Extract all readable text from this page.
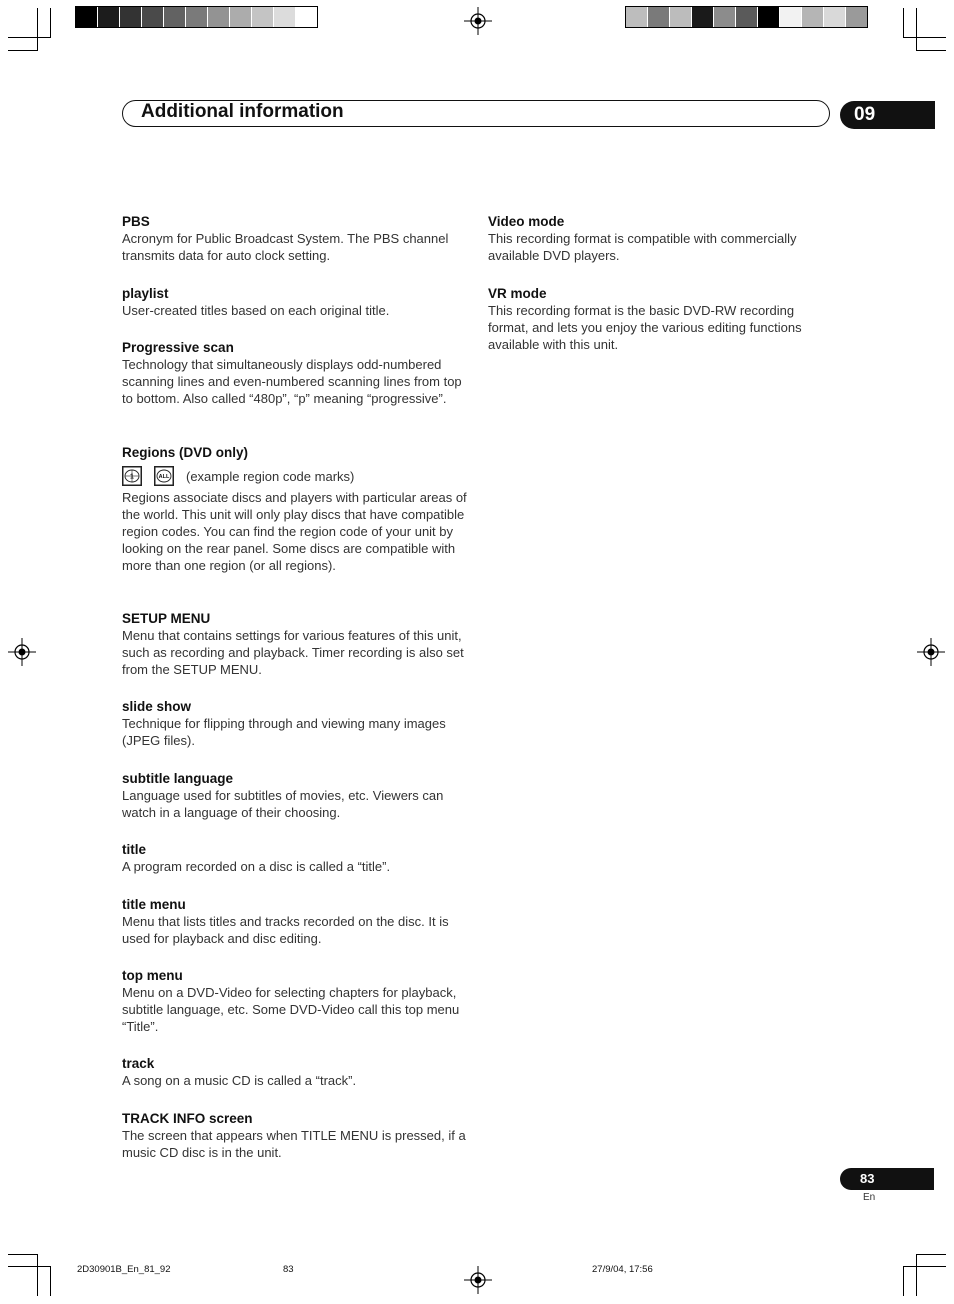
Additional information	09
PBS
Acronym for Public Broadcast System. The PBS channel transmits data for auto clock setting.
playlist
User-created titles based on each original title.
Progressive scan
Technology that simultaneously displays odd-numbered scanning lines and even-numbered scanning lines from top to bottom. Also called “480p”, “p” meaning “progressive”.
Regions (DVD only)
1	ALL (example region code marks)
Regions associate discs and players with particular areas of the world. This unit will only play discs that have compatible region codes. You can find the region code of your unit by looking on the rear panel. Some discs are compatible with more than one region (or all regions).
SETUP MENU
Menu that contains settings for various features of this unit, such as recording and playback. Timer recording is also set from the SETUP MENU.
slide show
Technique for flipping through and viewing many images (JPEG files).
subtitle language
Language used for subtitles of movies, etc. Viewers can watch in a language of their choosing.
title
A program recorded on a disc is called a “title”.
title menu
Menu that lists titles and tracks recorded on the disc. It is used for playback and disc editing.
top menu
Menu on a DVD-Video for selecting chapters for playback, subtitle language, etc. Some DVD-Video call this top menu “Title”.
track
A song on a music CD is called a “track”.
TRACK INFO screen
The screen that appears when TITLE MENU is pressed, if a music CD disc is in the unit.
Video mode
This recording format is compatible with commercially available DVD players.
VR mode
This recording format is the basic DVD-RW recording format, and lets you enjoy the various editing functions available with this unit.
83
En
2D30901B_En_81_92	83	27/9/04, 17:56
